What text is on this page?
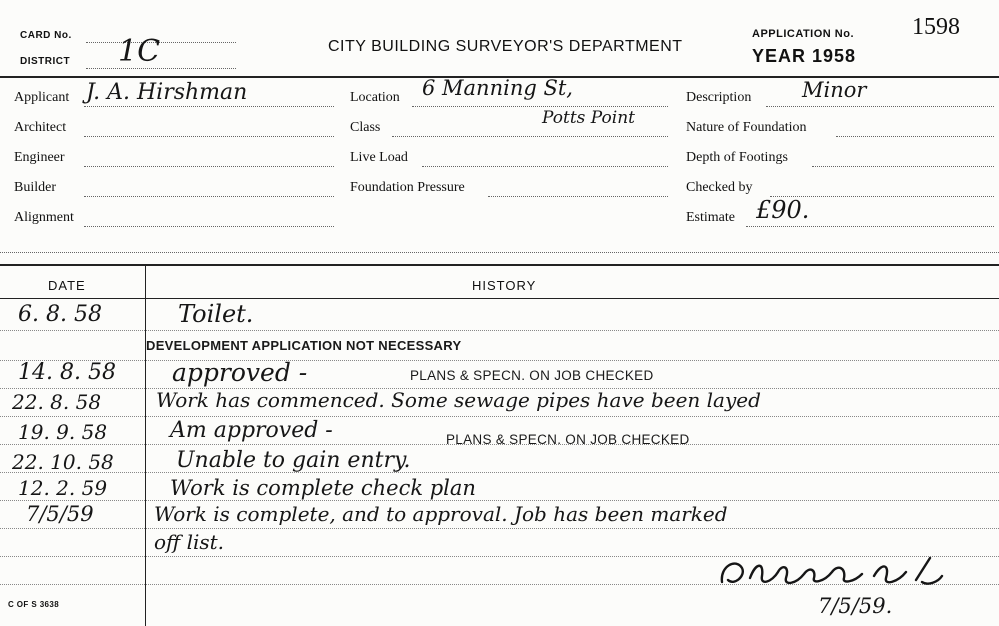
CARD No.
DISTRICT 1C	CITY BUILDING SURVEYOR'S DEPARTMENT
APPLICATION No. 1598
YEAR 1958
Applicant J. A. Hirshman
Architect
Engineer
Builder
Alignment
Location 6 Manning St,
Potts Point
Class
Live Load
Foundation Pressure
Description Minor
Nature of Foundation
Depth of Footings
Checked by
Estimate £90.
DATE	HISTORY
6. 8. 58	Toilet.
DEVELOPMENT APPLICATION NOT NECESSARY
14. 8. 58 approved -	PLANS & SPECN. ON JOB CHECKED
22. 8. 58	Work has commenced. Some sewage pipes have been layed
19. 9. 58	Am approved -	PLANS & SPECN. ON JOB CHECKED
22. 10. 58	Unable to gain entry.
12. 2. 59	Work is complete check plan
7/5/59	Work is complete, and to approval. Job has been marked
off list.
7/5/59.
C OF S 3638
